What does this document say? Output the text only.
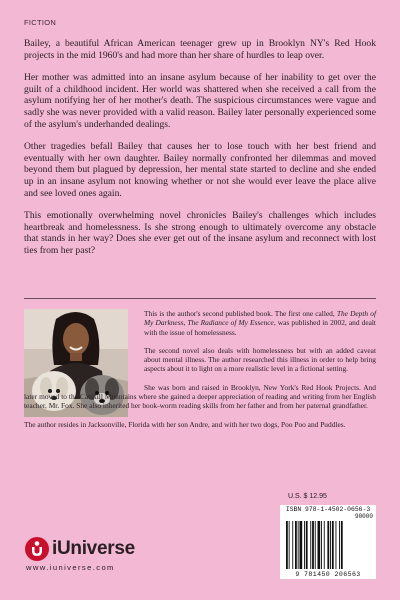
FICTION

Bailey, a beautiful African American teenager grew up in Brooklyn NY's Red Hook projects in the mid 1960's and had more than her share of hurdles to leap over.

Her mother was admitted into an insane asylum because of her inability to get over the guilt of a childhood incident. Her world was shattered when she received a call from the asylum notifying her of her mother's death. The suspicious circumstances were vague and sadly she was never provided with a valid reason. Bailey later personally experienced some of the asylum's underhanded dealings.

Other tragedies befall Bailey that causes her to lose touch with her best friend and eventually with her own daughter. Bailey normally confronted her dilemmas and moved beyond them but plagued by depression, her mental state started to decline and she ended up in an insane asylum not knowing whether or not she would ever leave the place alive and see loved ones again.

This emotionally overwhelming novel chronicles Bailey's challenges which includes heartbreak and homelessness. Is she strong enough to ultimately overcome any obstacle that stands in her way? Does she ever get out of the insane asylum and reconnect with lost ties from her past?

This is the author's second published book. The first one called, The Depth of My Darkness, The Radiance of My Essence, was published in 2002, and dealt with the issue of homelessness.

The second novel also deals with homelessness but with an added caveat about mental illness. The author researched this illness in order to help bring aspects about it to light on a more realistic level in a fictional setting.

She was born and raised in Brooklyn, New York's Red Hook Projects. And later moved to the Catskill Mountains where she gained a deeper appreciation of reading and writing from her English teacher, Mr. Fox. She also inherited her book-worm reading skills from her father and from her paternal grandfather.

The author resides in Jacksonville, Florida with her son Andre, and with her two dogs, Poo Poo and Puddles.

U.S. $ 12.95
ISBN 978-1-4502-0656-3
90000
9 781450 206563
iUniverse
www.iuniverse.com
